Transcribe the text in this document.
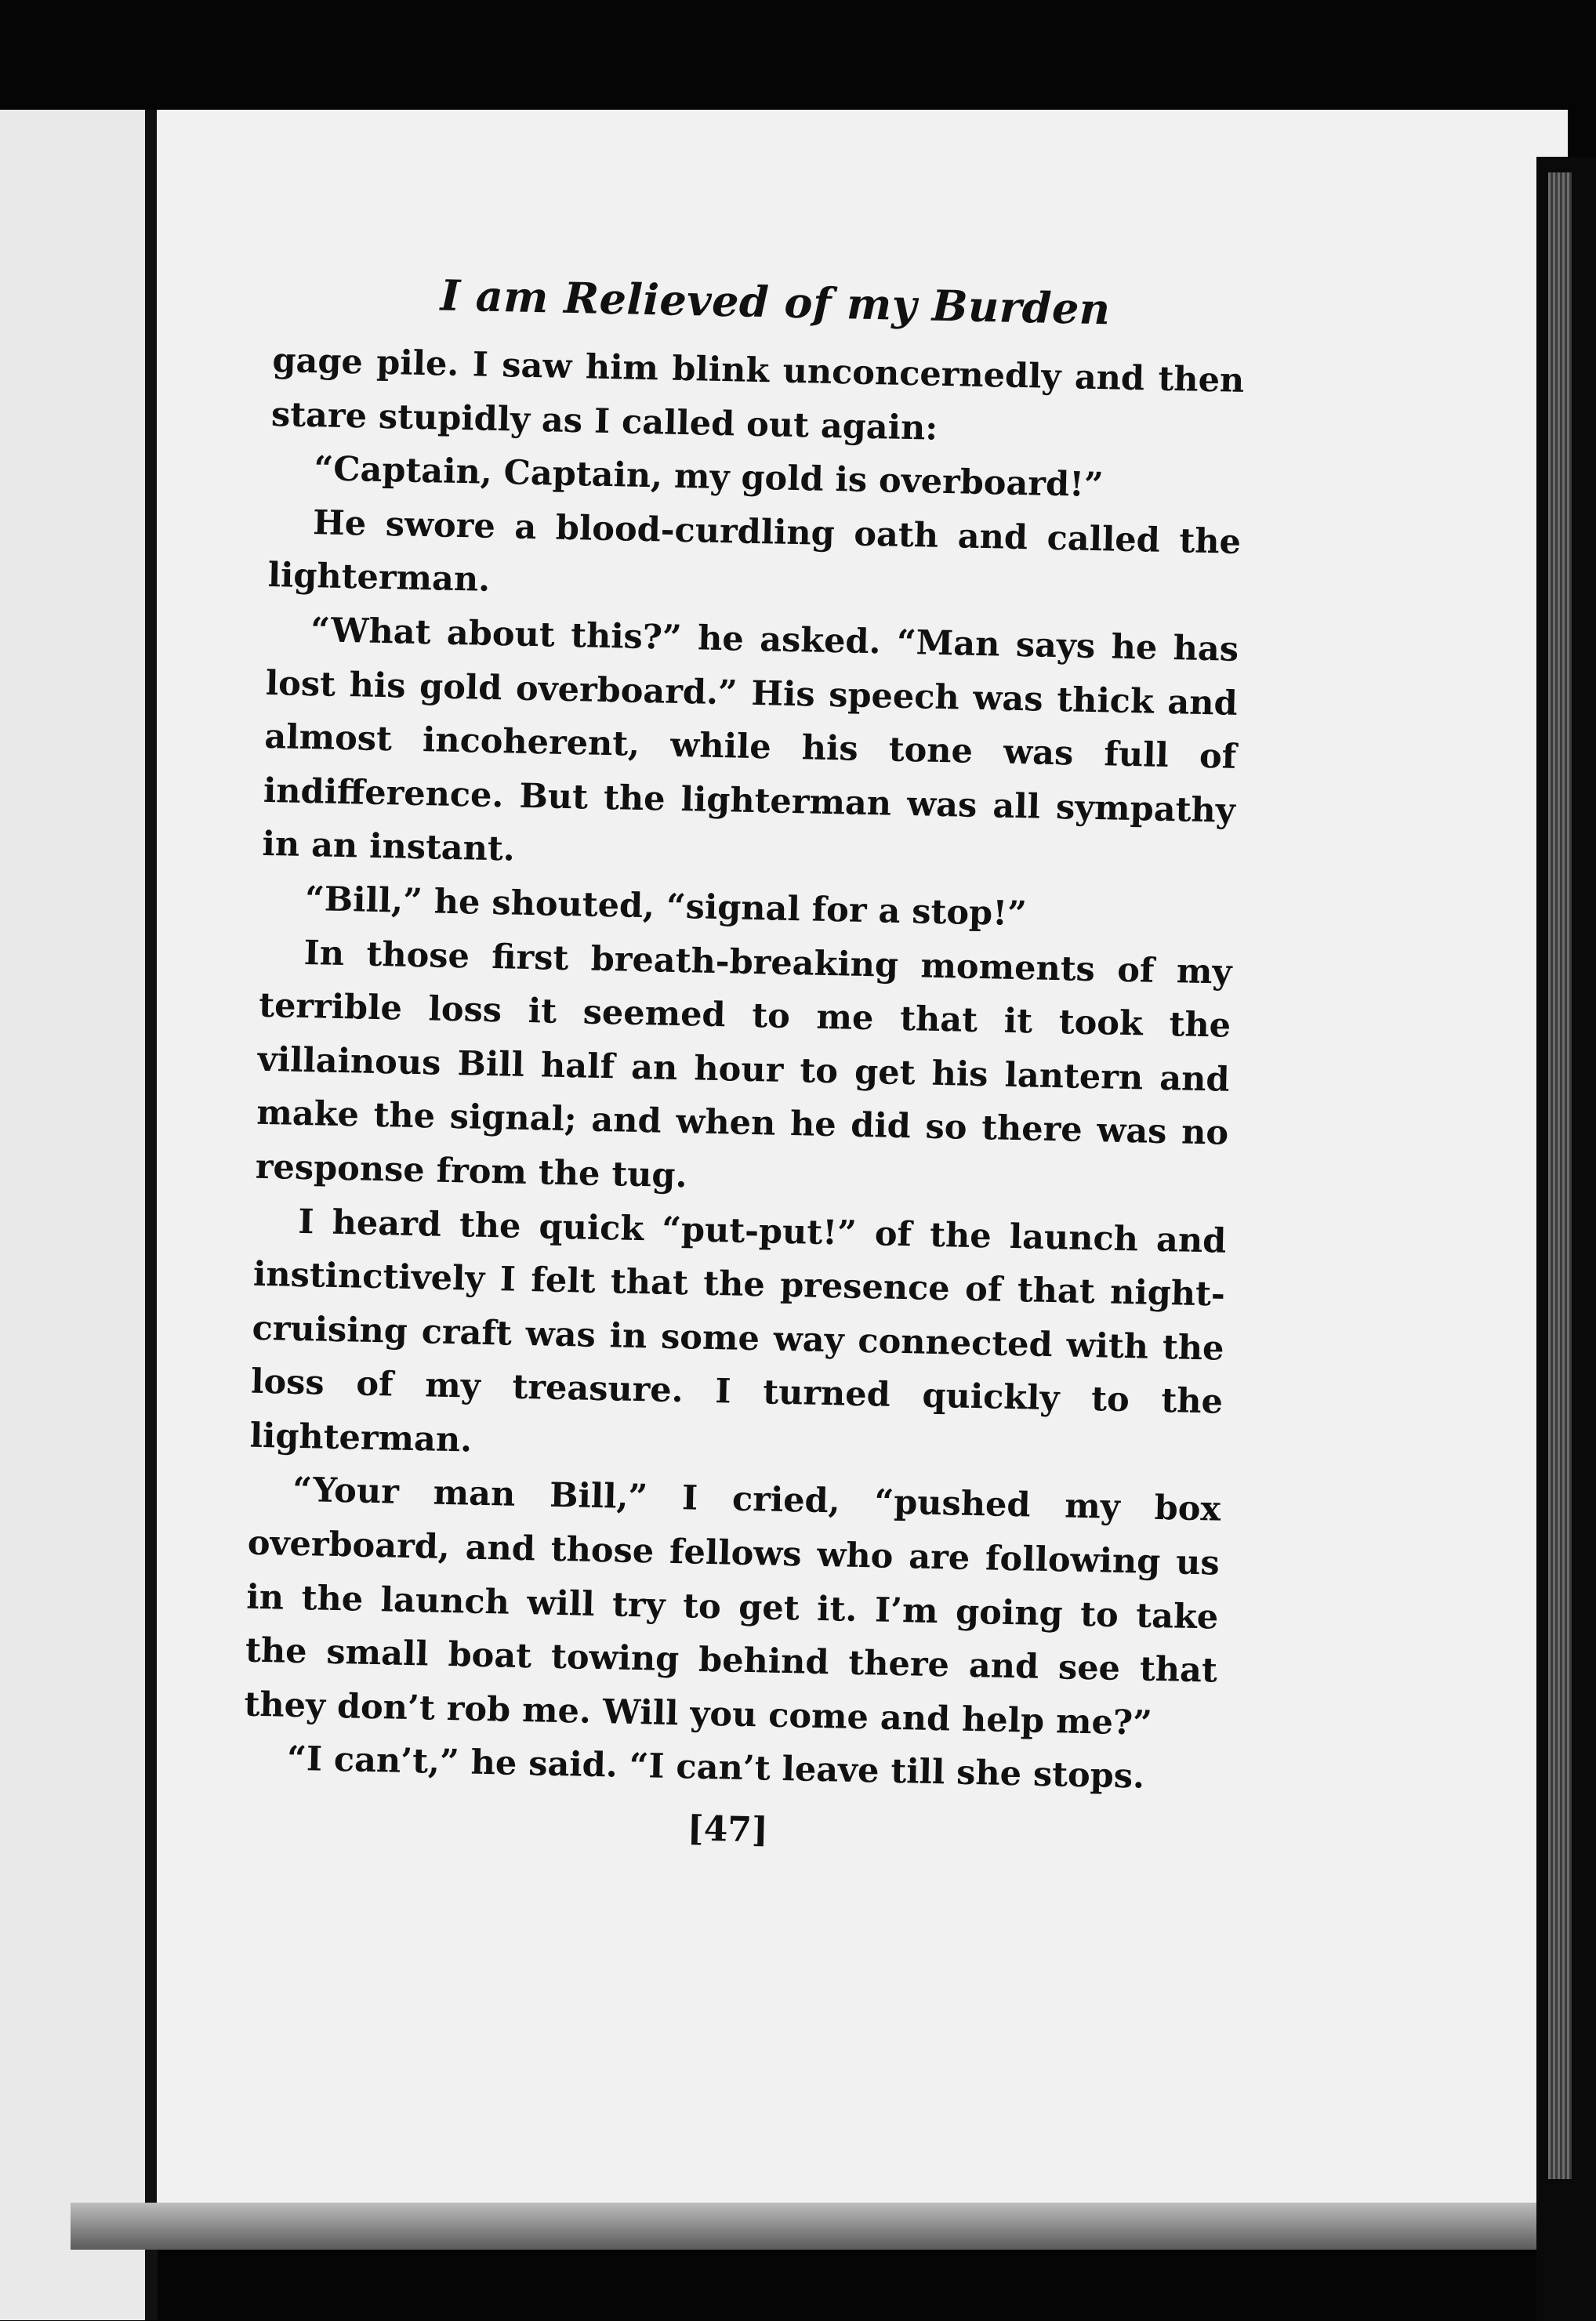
I am Relieved of my Burden

gage pile. I saw him blink unconcernedly and then stare stupidly as I called out again:

“Captain, Captain, my gold is overboard!”

He swore a blood-curdling oath and called the lighterman.

“What about this?” he asked. “Man says he has lost his gold overboard.” His speech was thick and almost incoherent, while his tone was full of indifference. But the lighterman was all sympathy in an instant.

“Bill,” he shouted, “signal for a stop!”

In those first breath-breaking moments of my terrible loss it seemed to me that it took the villainous Bill half an hour to get his lantern and make the signal; and when he did so there was no response from the tug.

I heard the quick “put-put!” of the launch and instinctively I felt that the presence of that night-cruising craft was in some way connected with the loss of my treasure. I turned quickly to the lighterman.

“Your man Bill,” I cried, “pushed my box overboard, and those fellows who are following us in the launch will try to get it. I’m going to take the small boat towing behind there and see that they don’t rob me. Will you come and help me?”

“I can’t,” he said. “I can’t leave till she stops.

[47]
